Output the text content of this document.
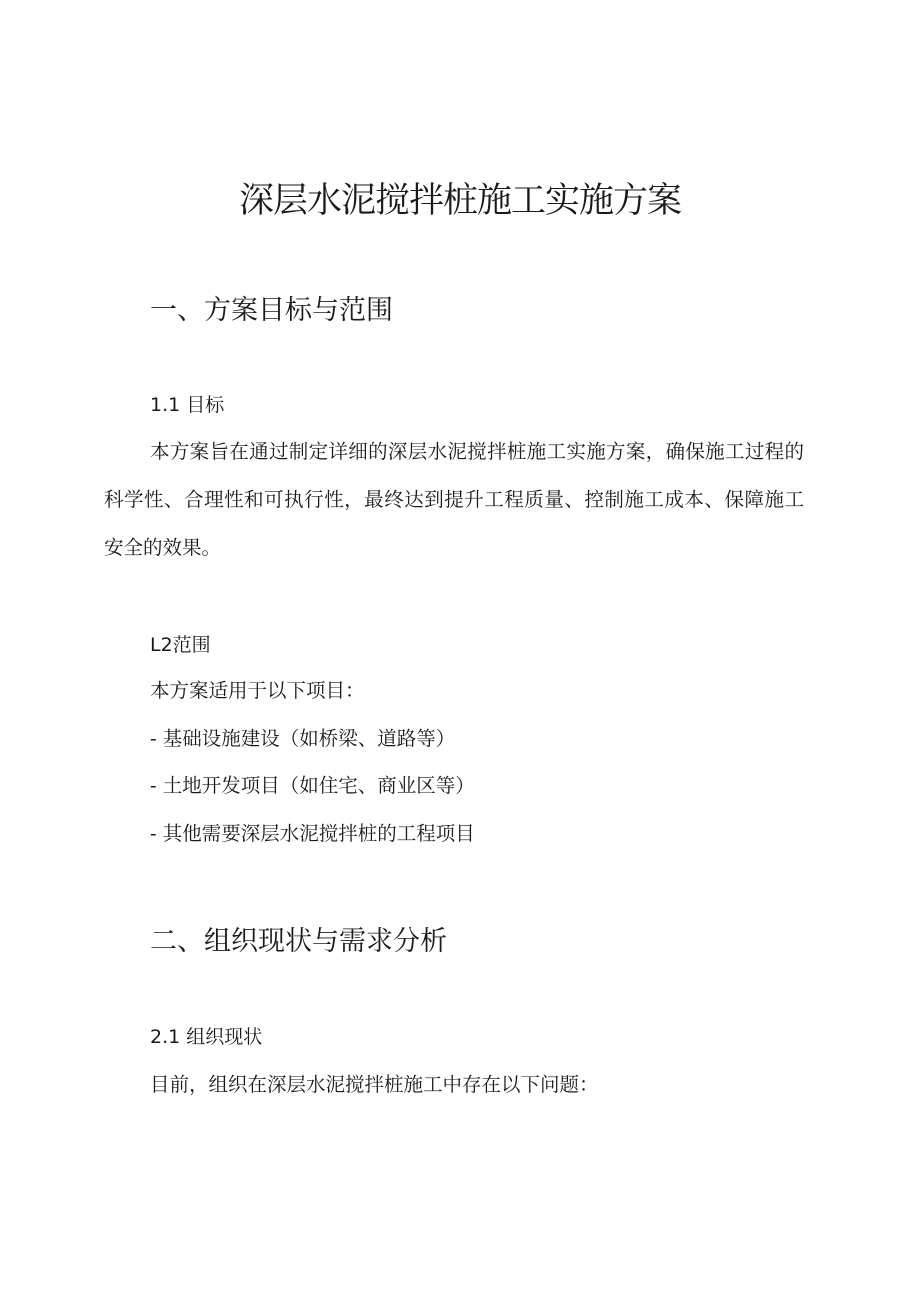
深层水泥搅拌桩施工实施方案
一、方案目标与范围
1.1 目标

本方案旨在通过制定详细的深层水泥搅拌桩施工实施方案，确保施工过程的科学性、合理性和可执行性，最终达到提升工程质量、控制施工成本、保障施工安全的效果。

L2范围
本方案适用于以下项目：
- 基础设施建设（如桥梁、道路等）
- 土地开发项目（如住宅、商业区等）
- 其他需要深层水泥搅拌桩的工程项目
二、组织现状与需求分析
2.1 组织现状
目前，组织在深层水泥搅拌桩施工中存在以下问题：
